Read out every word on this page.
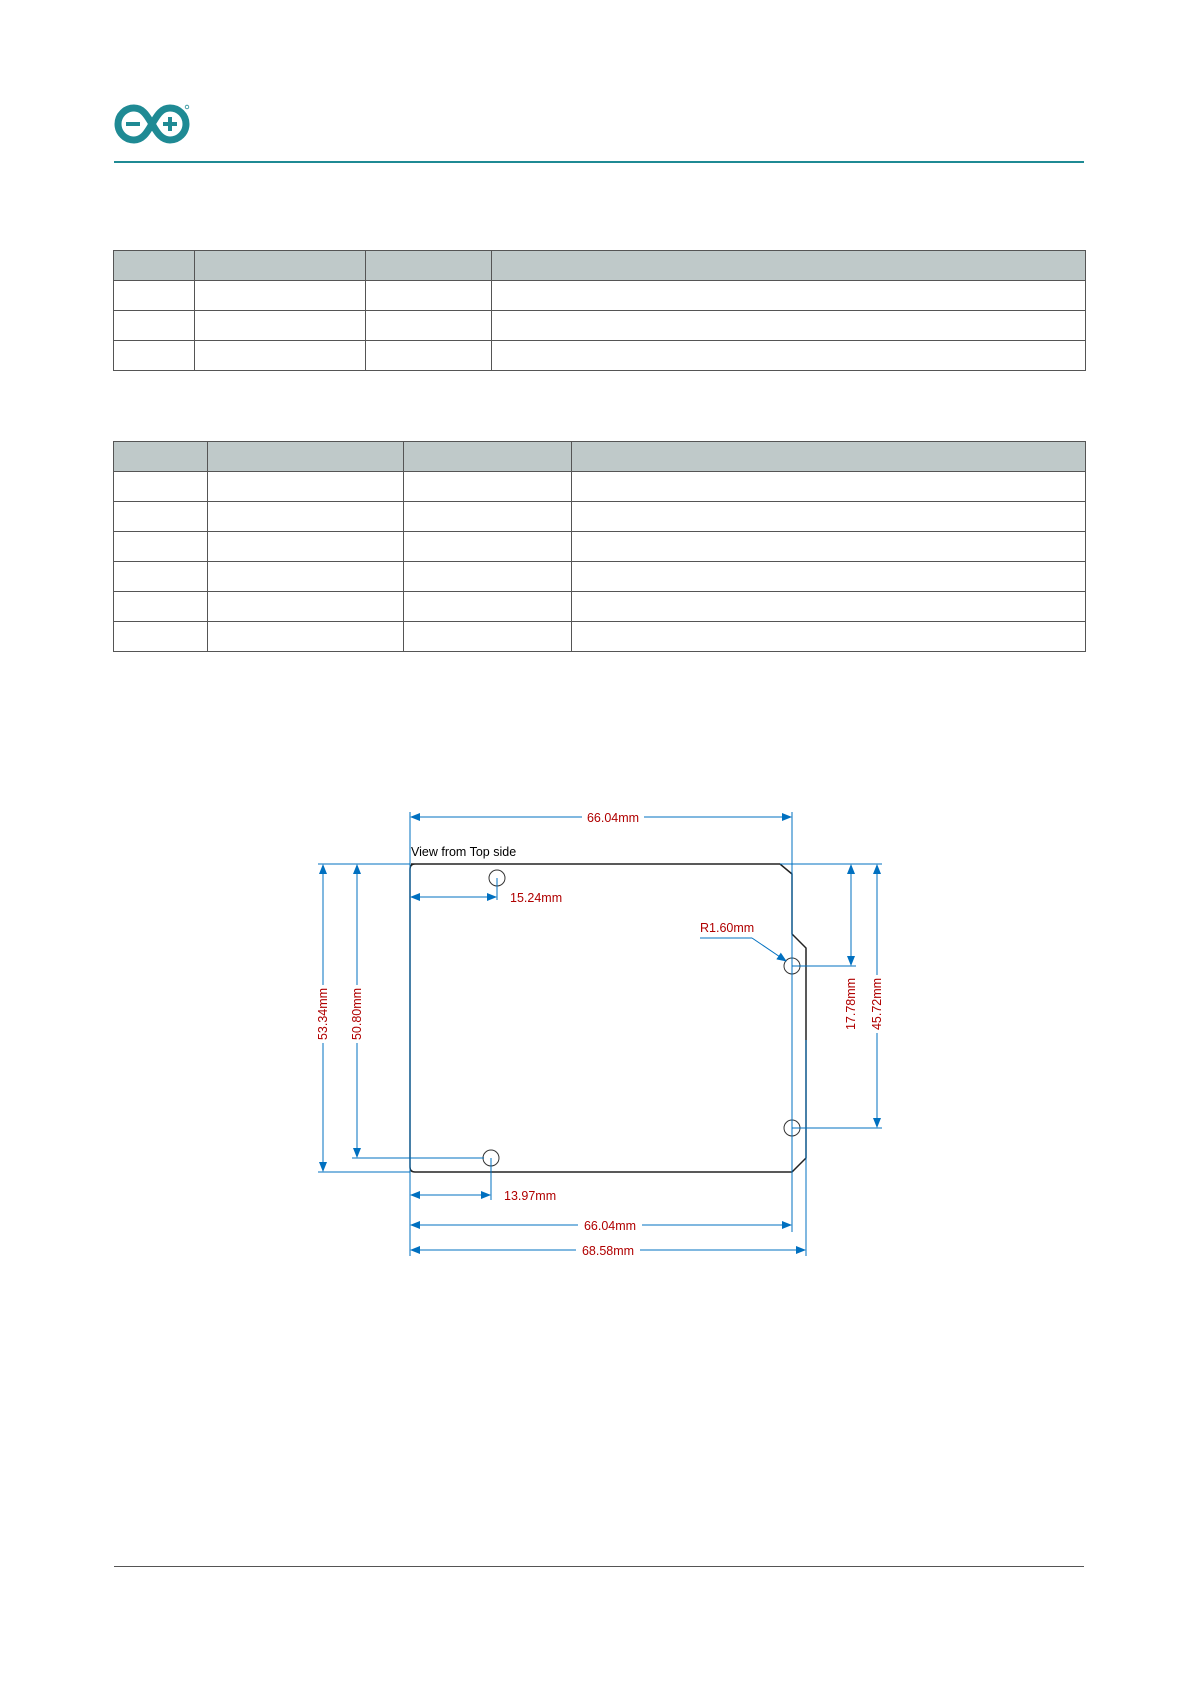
View from Top side
66.04mm
15.24mm
R1.60mm
13.97mm
66.04mm
68.58mm
53.34mm 50.80mm	17.78mm 45.72mm
